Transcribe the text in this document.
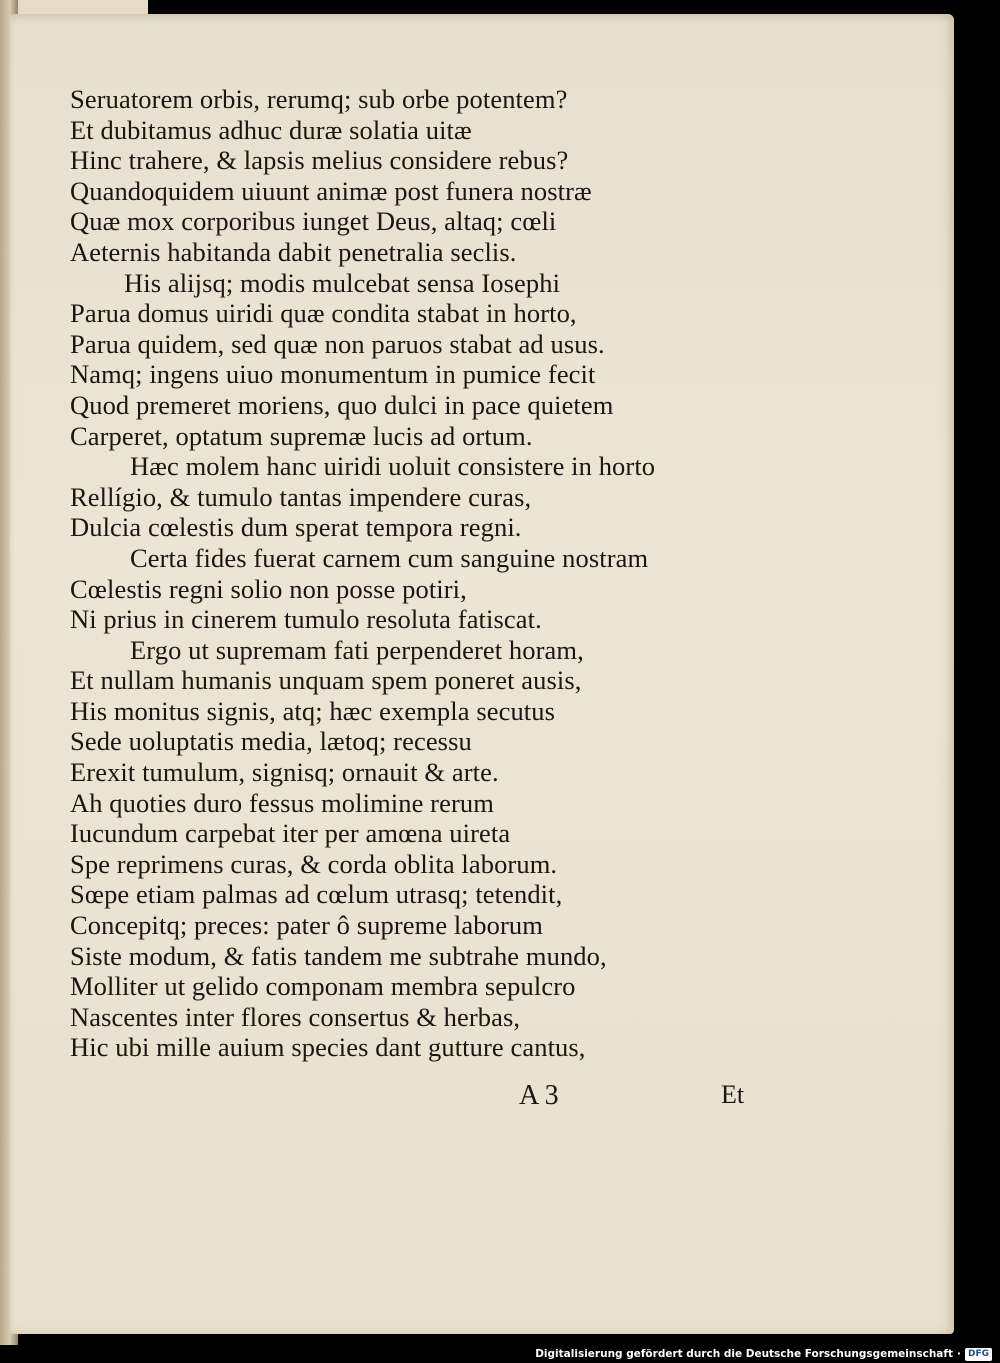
Seruatorem orbis, rerumq; sub orbe potentem?
Et dubitamus adhuc duræ solatia uitæ
Hinc trahere, & lapsis melius considere rebus?
Quandoquidem uiuunt animæ post funera nostræ
Quæ mox corporibus iunget Deus, altaq; cœli
Aeternis habitanda dabit penetralia seclis.
His alijsq; modis mulcebat sensa Iosephi
Parua domus uiridi quæ condita stabat in horto,
Parua quidem, sed quæ non paruos stabat ad usus.
Namq; ingens uiuo monumentum in pumice fecit
Quod premeret moriens, quo dulci in pace quietem
Carperet, optatum supremæ lucis ad ortum.
Hæc molem hanc uiridi uoluit consistere in horto
Rellígio, & tumulo tantas impendere curas,
Dulcia cœlestis dum sperat tempora regni.
Certa fides fuerat carnem cum sanguine nostram
Cœlestis regni solio non posse potiri,
Ni prius in cinerem tumulo resoluta fatiscat.
Ergo ut supremam fati perpenderet horam,
Et nullam humanis unquam spem poneret ausis,
His monitus signis, atq; hæc exempla secutus
Sede uoluptatis media, lætoq; recessu
Erexit tumulum, signisq; ornauit & arte.
Ah quoties duro fessus molimine rerum
Iucundum carpebat iter per amœna uireta
Spe reprimens curas, & corda oblita laborum.
Sœpe etiam palmas ad cœlum utrasq; tetendit,
Concepitq; preces: pater ô supreme laborum
Siste modum, & fatis tandem me subtrahe mundo,
Molliter ut gelido componam membra sepulcro
Nascentes inter flores consertus & herbas,
Hic ubi mille auium species dant gutture cantus,
A 3	Et
Digitalisierung gefördert durch die Deutsche Forschungsgemeinschaft · DFG
